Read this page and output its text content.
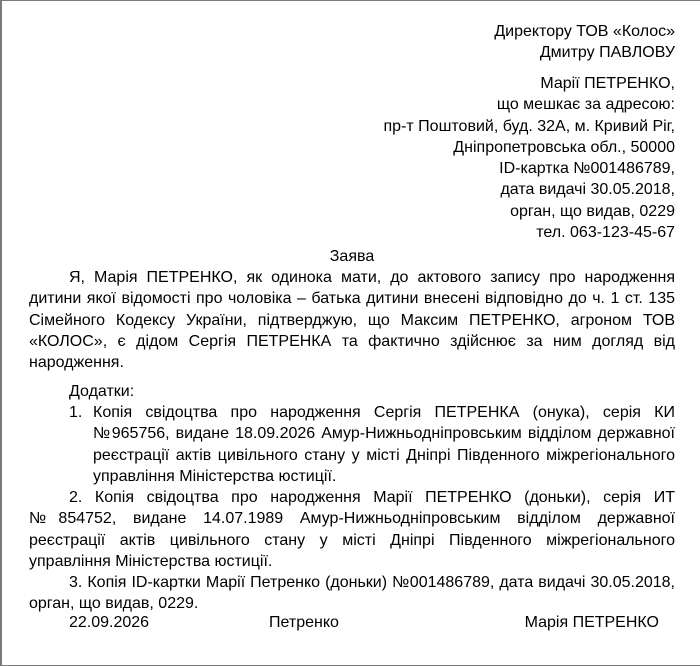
Директору ТОВ «Колос»
Дмитру ПАВЛОВУ
Марії ПЕТРЕНКО,
що мешкає за адресою:
пр-т Поштовий, буд. 32А, м. Кривий Ріг,
Дніпропетровська обл., 50000
ID-картка №001486789,
дата видачі 30.05.2018,
орган, що видав, 0229
тел. 063-123-45-67
Заява

Я, Марія ПЕТРЕНКО, як одинока мати, до актового запису про народження дитини якої відомості про чоловіка – батька дитини внесені відповідно до ч. 1 ст. 135 Сімейного Кодексу України, підтверджую, що Максим ПЕТРЕНКО, агроном ТОВ «КОЛОС», є дідом Сергія ПЕТРЕНКА та фактично здійснює за ним догляд від народження.

Додатки:
1. Копія свідоцтва про народження Сергія ПЕТРЕНКА (онука), серія КИ №965756, видане 18.09.2026 Амур-Нижньодніпровським відділом державної реєстрації актів цивільного стану у місті Дніпрі Південного міжрегіонального управління Міністерства юстиції.

2. Копія свідоцтва про народження Марії ПЕТРЕНКО (доньки), серія ИТ №854752, видане 14.07.1989 Амур-Нижньодніпровським відділом державної реєстрації актів цивільного стану у місті Дніпрі Південного міжрегіонального управління Міністерства юстиції.

3. Копія ID-картки Марії Петренко (доньки) №001486789, дата видачі 30.05.2018, орган, що видав, 0229.

22.09.2026	Петренко	Марія ПЕТРЕНКО
